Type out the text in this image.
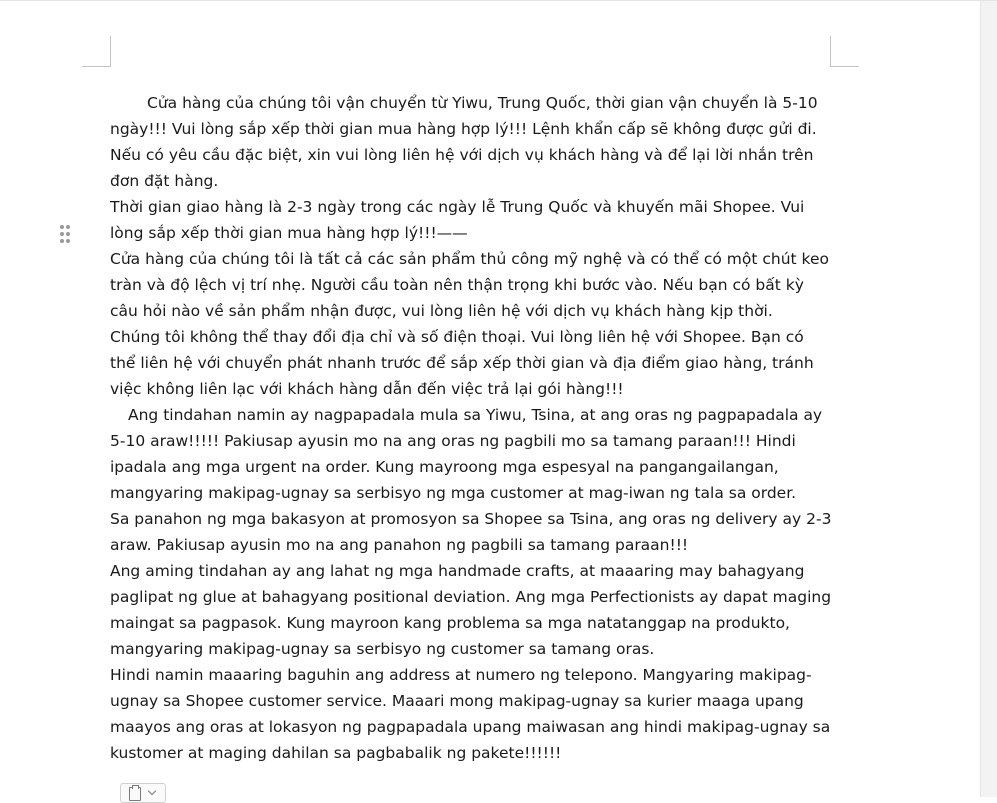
Cửa hàng của chúng tôi vận chuyển từ Yiwu, Trung Quốc, thời gian vận chuyển là 5-10 ngày!!! Vui lòng sắp xếp thời gian mua hàng hợp lý!!! Lệnh khẩn cấp sẽ không được gửi đi. Nếu có yêu cầu đặc biệt, xin vui lòng liên hệ với dịch vụ khách hàng và để lại lời nhắn trên đơn đặt hàng.

Thời gian giao hàng là 2-3 ngày trong các ngày lễ Trung Quốc và khuyến mãi Shopee. Vui lòng sắp xếp thời gian mua hàng hợp lý!!!——

Cửa hàng của chúng tôi là tất cả các sản phẩm thủ công mỹ nghệ và có thể có một chút keo tràn và độ lệch vị trí nhẹ. Người cầu toàn nên thận trọng khi bước vào. Nếu bạn có bất kỳ câu hỏi nào về sản phẩm nhận được, vui lòng liên hệ với dịch vụ khách hàng kịp thời.

Chúng tôi không thể thay đổi địa chỉ và số điện thoại. Vui lòng liên hệ với Shopee. Bạn có thể liên hệ với chuyển phát nhanh trước để sắp xếp thời gian và địa điểm giao hàng, tránh việc không liên lạc với khách hàng dẫn đến việc trả lại gói hàng!!!

Ang tindahan namin ay nagpapadala mula sa Yiwu, Tsina, at ang oras ng pagpapadala ay 5-10 araw!!!!! Pakiusap ayusin mo na ang oras ng pagbili mo sa tamang paraan!!! Hindi ipadala ang mga urgent na order. Kung mayroong mga espesyal na pangangailangan, mangyaring makipag-ugnay sa serbisyo ng mga customer at mag-iwan ng tala sa order.

Sa panahon ng mga bakasyon at promosyon sa Shopee sa Tsina, ang oras ng delivery ay 2-3 araw. Pakiusap ayusin mo na ang panahon ng pagbili sa tamang paraan!!!

Ang aming tindahan ay ang lahat ng mga handmade crafts, at maaaring may bahagyang paglipat ng glue at bahagyang positional deviation. Ang mga Perfectionists ay dapat maging maingat sa pagpasok. Kung mayroon kang problema sa mga natatanggap na produkto, mangyaring makipag-ugnay sa serbisyo ng customer sa tamang oras.

Hindi namin maaaring baguhin ang address at numero ng telepono. Mangyaring makipag-ugnay sa Shopee customer service. Maaari mong makipag-ugnay sa kurier maaga upang maayos ang oras at lokasyon ng pagpapadala upang maiwasan ang hindi makipag-ugnay sa kustomer at maging dahilan sa pagbabalik ng pakete!!!!!!
